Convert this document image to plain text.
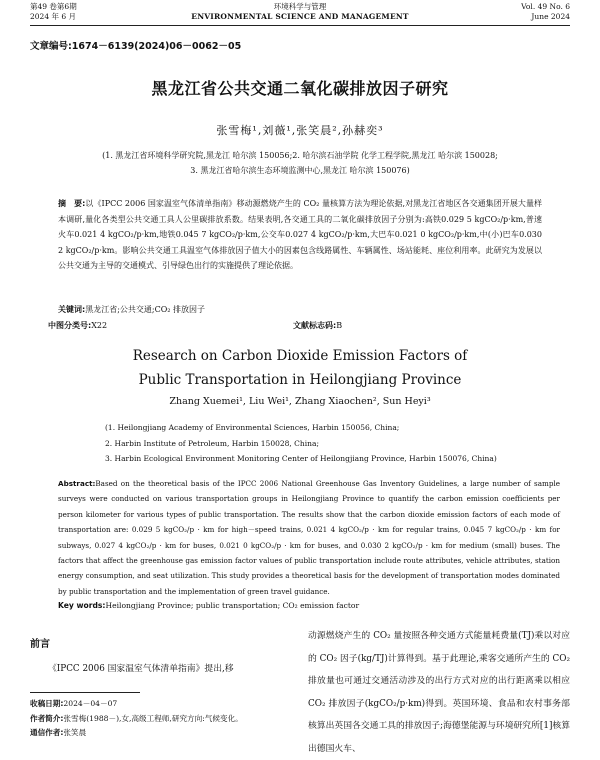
第49 卷第6期
2024 年 6 月
环境科学与管理
ENVIRONMENTAL SCIENCE AND MANAGEMENT
Vol. 49 No. 6
June 2024
文章编号:1674－6139(2024)06－0062－05
黑龙江省公共交通二氧化碳排放因子研究
张雪梅¹,刘薇¹,张笑晨²,孙赫奕³
(1. 黑龙江省环境科学研究院,黑龙江 哈尔滨 150056;2. 哈尔滨石油学院 化学工程学院,黑龙江 哈尔滨 150028;
3. 黑龙江省哈尔滨生态环境监测中心,黑龙江 哈尔滨 150076)
摘　要:以《IPCC 2006 国家温室气体清单指南》移动源燃烧产生的 CO₂ 量核算方法为理论依据,对黑龙江省地区各交通集团开展大量样本调研,量化各类型公共交通工具人公里碳排放系数。结果表明,各交通工具的二氧化碳排放因子分别为:高铁0.029 5 kgCO₂/p·km,普速火车0.021 4 kgCO₂/p·km,地铁0.045 7 kgCO₂/p·km,公交车0.027 4 kgCO₂/p·km,大巴车0.021 0 kgCO₂/p·km,中(小)巴车0.030 2 kgCO₂/p·km。影响公共交通工具温室气体排放因子值大小的因素包含线路属性、车辆属性、场站能耗、座位利用率。此研究为发展以公共交通为主导的交通模式、引导绿色出行的实施提供了理论依据。
关键词:黑龙江省;公共交通;CO₂ 排放因子
中图分类号:X22	文献标志码:B
Research on Carbon Dioxide Emission Factors of
Public Transportation in Heilongjiang Province
Zhang Xuemei¹, Liu Wei¹, Zhang Xiaochen², Sun Heyi³
(1. Heilongjiang Academy of Environmental Sciences, Harbin 150056, China;
2. Harbin Institute of Petroleum, Harbin 150028, China;
3. Harbin Ecological Environment Monitoring Center of Heilongjiang Province, Harbin 150076, China)
Abstract:Based on the theoretical basis of the IPCC 2006 National Greenhouse Gas Inventory Guidelines, a large number of sample surveys were conducted on various transportation groups in Heilongjiang Province to quantify the carbon emission coefficients per person kilometer for various types of public transportation. The results show that the carbon dioxide emission factors of each mode of transportation are: 0.029 5 kgCO₂/p · km for high－speed trains, 0.021 4 kgCO₂/p · km for regular trains, 0.045 7 kgCO₂/p · km for subways, 0.027 4 kgCO₂/p · km for buses, 0.021 0 kgCO₂/p · km for buses, and 0.030 2 kgCO₂/p · km for medium (small) buses. The factors that affect the greenhouse gas emission factor values of public transportation include route attributes, vehicle attributes, station energy consumption, and seat utilization. This study provides a theoretical basis for the development of transportation modes dominated by public transportation and the implementation of green travel guidance.
Key words:Heilongjiang Province; public transportation; CO₂ emission factor
前言
《IPCC 2006 国家温室气体清单指南》提出,移
收稿日期:2024－04－07
作者简介:张雪梅(1988－),女,高级工程师,研究方向:气候变化。
通信作者:张笑晨
动源燃烧产生的 CO₂ 量按照各种交通方式能量耗费量(TJ)乘以对应的 CO₂ 因子(kg/TJ)计算得到。基于此理论,乘客交通所产生的 CO₂ 排放量也可通过交通活动涉及的出行方式对应的出行距离乘以相应 CO₂ 排放因子(kgCO₂/p·km)得到。英国环境、食品和农村事务部核算出英国各交通工具的排放因子;海德堡能源与环境研究所[1]核算出德国火车、
